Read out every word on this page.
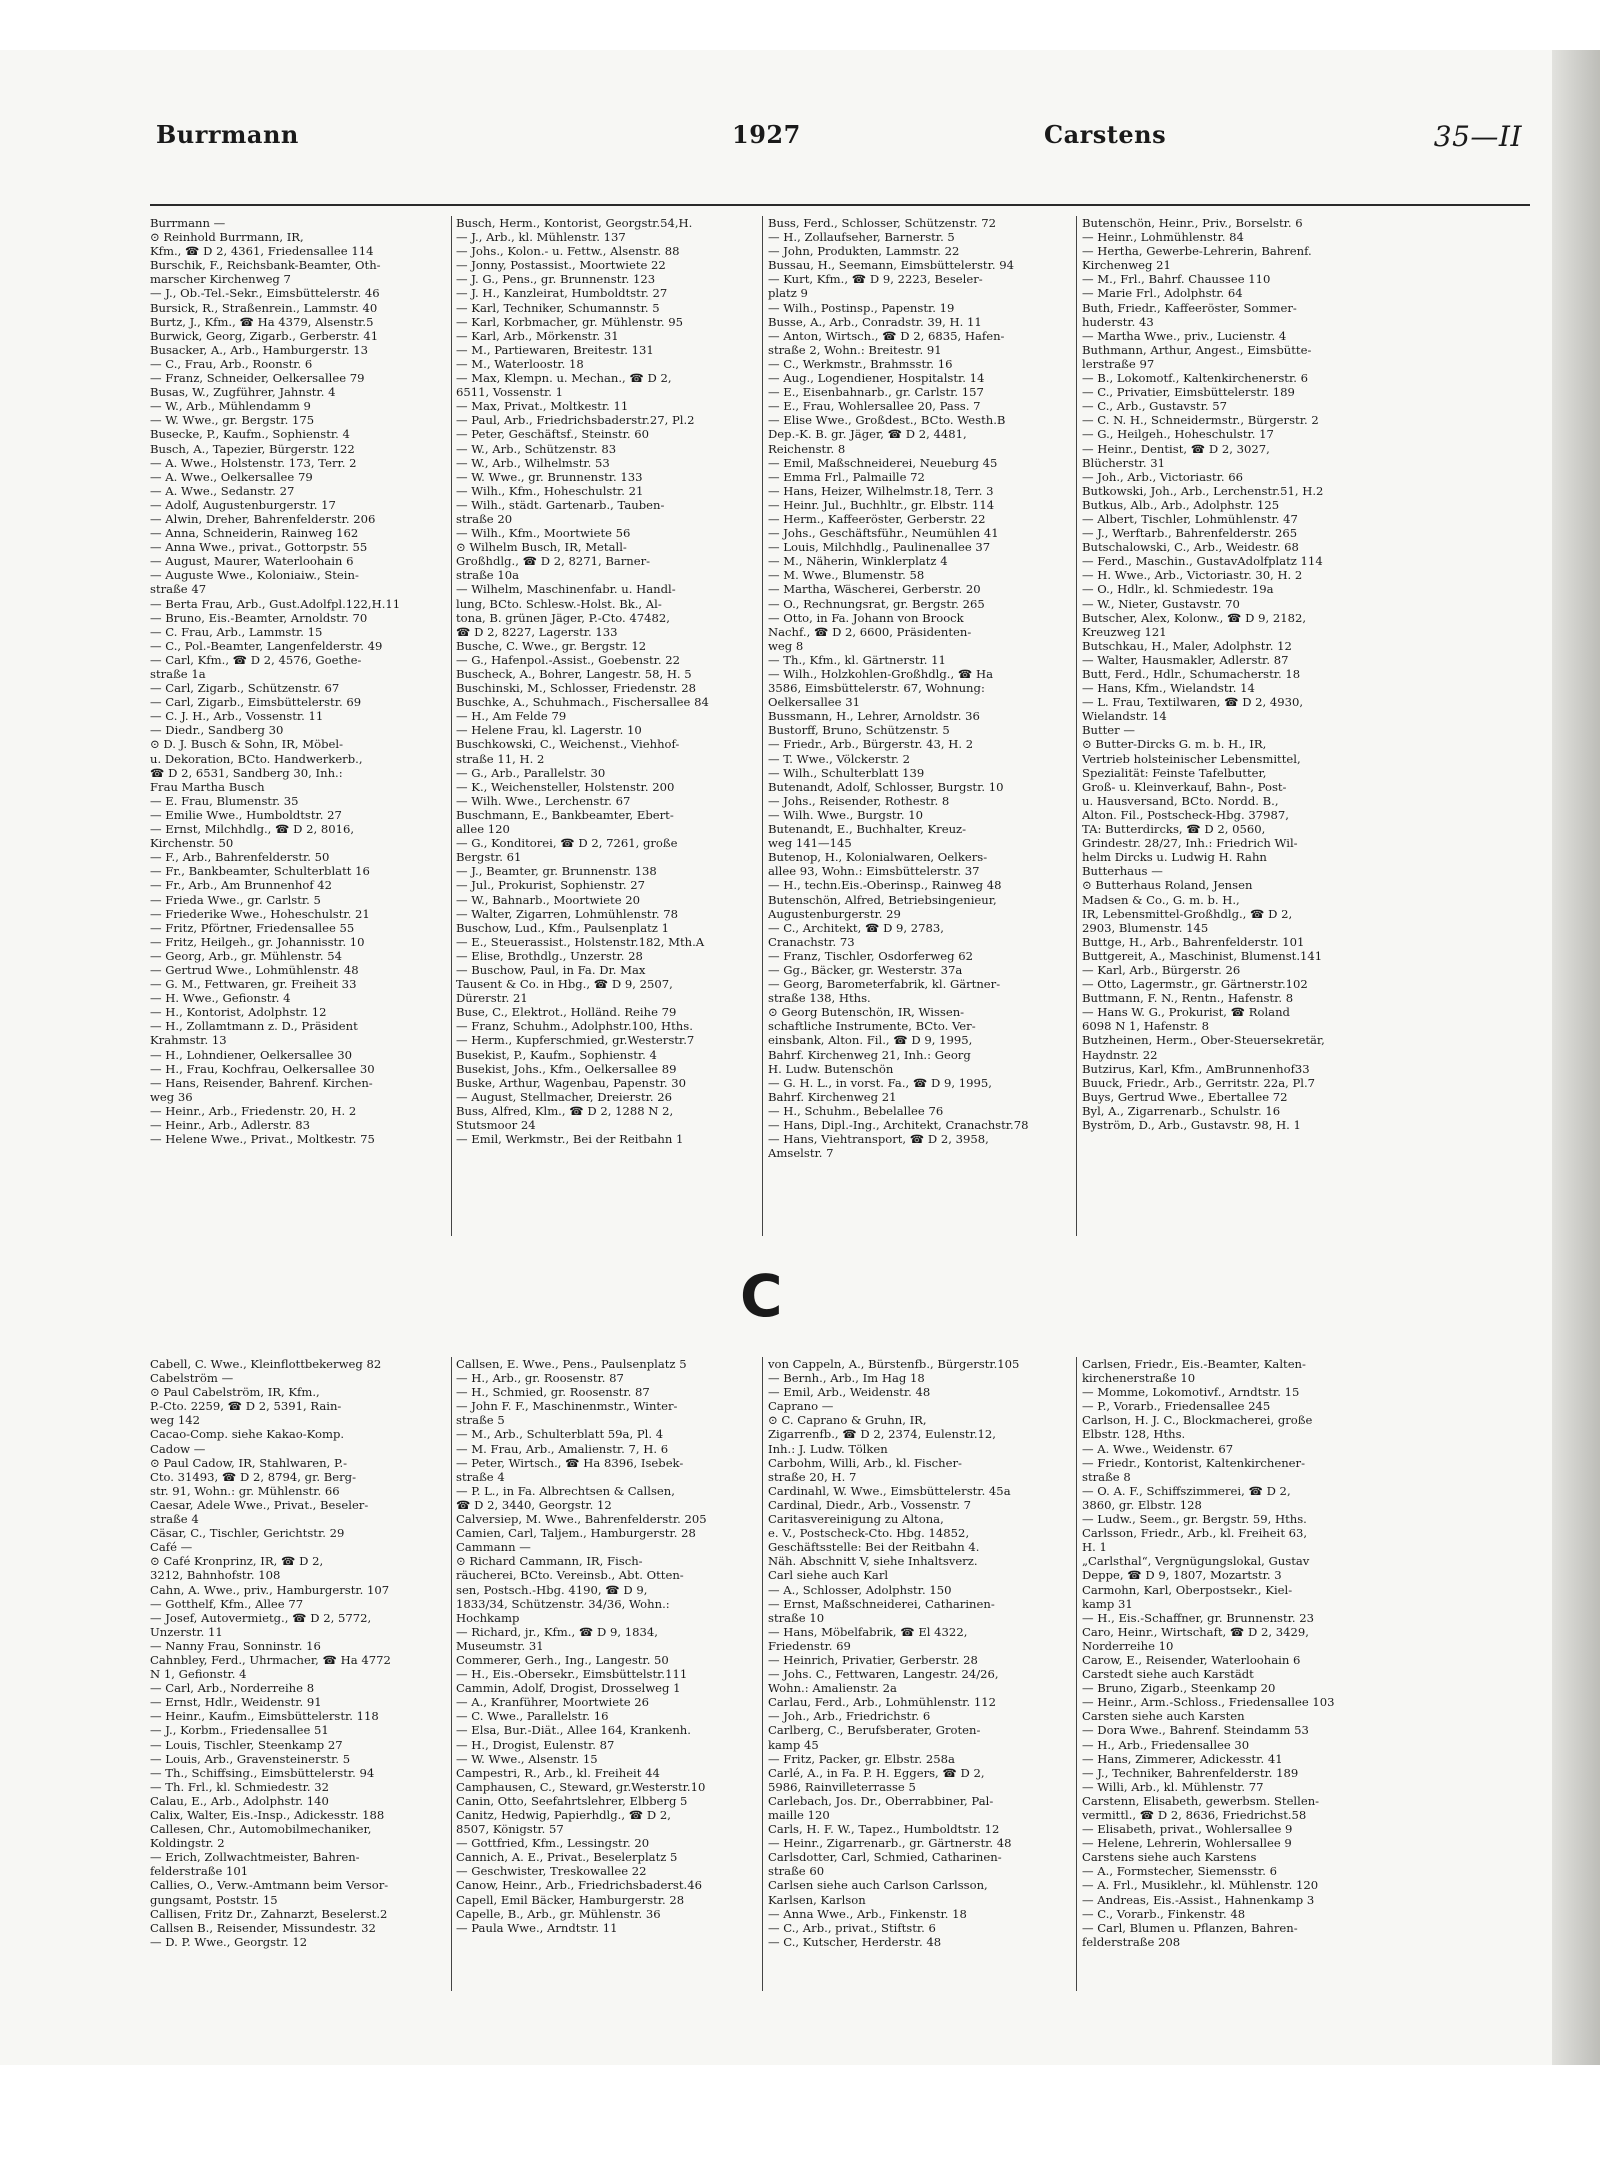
Burrmann	1927	Carstens	35—II
Burrmann —
⊙ Reinhold Burrmann, IR,
Kfm., ☎ D 2, 4361, Friedensallee 114
Burschik, F., Reichsbank-Beamter, Oth-
marscher Kirchenweg 7
— J., Ob.-Tel.-Sekr., Eimsbüttelerstr. 46
Bursick, R., Straßenrein., Lammstr. 40
Burtz, J., Kfm., ☎ Ha 4379, Alsenstr.5
Burwick, Georg, Zigarb., Gerberstr. 41
Busacker, A., Arb., Hamburgerstr. 13
— C., Frau, Arb., Roonstr. 6
— Franz, Schneider, Oelkersallee 79
Busas, W., Zugführer, Jahnstr. 4
— W., Arb., Mühlendamm 9
— W. Wwe., gr. Bergstr. 175
Busecke, P., Kaufm., Sophienstr. 4
Busch, A., Tapezier, Bürgerstr. 122
— A. Wwe., Holstenstr. 173, Terr. 2
— A. Wwe., Oelkersallee 79
— A. Wwe., Sedanstr. 27
— Adolf, Augustenburgerstr. 17
— Alwin, Dreher, Bahrenfelderstr. 206
— Anna, Schneiderin, Rainweg 162
— Anna Wwe., privat., Gottorpstr. 55
— August, Maurer, Waterloohain 6
— Auguste Wwe., Koloniaiw., Stein-
straße 47
— Berta Frau, Arb., Gust.Adolfpl.122,H.11
— Bruno, Eis.-Beamter, Arnoldstr. 70
— C. Frau, Arb., Lammstr. 15
— C., Pol.-Beamter, Langenfelderstr. 49
— Carl, Kfm., ☎ D 2, 4576, Goethe-
straße 1a
— Carl, Zigarb., Schützenstr. 67
— Carl, Zigarb., Eimsbüttelerstr. 69
— C. J. H., Arb., Vossenstr. 11
— Diedr., Sandberg 30
⊙ D. J. Busch & Sohn, IR, Möbel-
u. Dekoration, BCto. Handwerkerb.,
☎ D 2, 6531, Sandberg 30, Inh.:
Frau Martha Busch
— E. Frau, Blumenstr. 35
— Emilie Wwe., Humboldtstr. 27
— Ernst, Milchhdlg., ☎ D 2, 8016,
Kirchenstr. 50
— F., Arb., Bahrenfelderstr. 50
— Fr., Bankbeamter, Schulterblatt 16
— Fr., Arb., Am Brunnenhof 42
— Frieda Wwe., gr. Carlstr. 5
— Friederike Wwe., Hoheschulstr. 21
— Fritz, Pförtner, Friedensallee 55
— Fritz, Heilgeh., gr. Johannisstr. 10
— Georg, Arb., gr. Mühlenstr. 54
— Gertrud Wwe., Lohmühlenstr. 48
— G. M., Fettwaren, gr. Freiheit 33
— H. Wwe., Gefionstr. 4
— H., Kontorist, Adolphstr. 12
— H., Zollamtmann z. D., Präsident
Krahmstr. 13
— H., Lohndiener, Oelkersallee 30
— H., Frau, Kochfrau, Oelkersallee 30
— Hans, Reisender, Bahrenf. Kirchen-
weg 36
— Heinr., Arb., Friedenstr. 20, H. 2
— Heinr., Arb., Adlerstr. 83
— Helene Wwe., Privat., Moltkestr. 75
Busch, Herm., Kontorist, Georgstr.54,H.
— J., Arb., kl. Mühlenstr. 137
— Johs., Kolon.- u. Fettw., Alsenstr. 88
— Jonny, Postassist., Moortwiete 22
— J. G., Pens., gr. Brunnenstr. 123
— J. H., Kanzleirat, Humboldtstr. 27
— Karl, Techniker, Schumannstr. 5
— Karl, Korbmacher, gr. Mühlenstr. 95
— Karl, Arb., Mörkenstr. 31
— M., Partiewaren, Breitestr. 131
— M., Waterloostr. 18
— Max, Klempn. u. Mechan., ☎ D 2,
6511, Vossenstr. 1
— Max, Privat., Moltkestr. 11
— Paul, Arb., Friedrichsbaderstr.27, Pl.2
— Peter, Geschäftsf., Steinstr. 60
— W., Arb., Schützenstr. 83
— W., Arb., Wilhelmstr. 53
— W. Wwe., gr. Brunnenstr. 133
— Wilh., Kfm., Hoheschulstr. 21
— Wilh., städt. Gartenarb., Tauben-
straße 20
— Wilh., Kfm., Moortwiete 56
⊙ Wilhelm Busch, IR, Metall-
Großhdlg., ☎ D 2, 8271, Barner-
straße 10a
— Wilhelm, Maschinenfabr. u. Handl-
lung, BCto. Schlesw.-Holst. Bk., Al-
tona, B. grünen Jäger, P.-Cto. 47482,
☎ D 2, 8227, Lagerstr. 133
Busche, C. Wwe., gr. Bergstr. 12
— G., Hafenpol.-Assist., Goebenstr. 22
Buscheck, A., Bohrer, Langestr. 58, H. 5
Buschinski, M., Schlosser, Friedenstr. 28
Buschke, A., Schuhmach., Fischersallee 84
— H., Am Felde 79
— Helene Frau, kl. Lagerstr. 10
Buschkowski, C., Weichenst., Viehhof-
straße 11, H. 2
— G., Arb., Parallelstr. 30
— K., Weichensteller, Holstenstr. 200
— Wilh. Wwe., Lerchenstr. 67
Buschmann, E., Bankbeamter, Ebert-
allee 120
— G., Konditorei, ☎ D 2, 7261, große
Bergstr. 61
— J., Beamter, gr. Brunnenstr. 138
— Jul., Prokurist, Sophienstr. 27
— W., Bahnarb., Moortwiete 20
— Walter, Zigarren, Lohmühlenstr. 78
Buschow, Lud., Kfm., Paulsenplatz 1
— E., Steuerassist., Holstenstr.182, Mth.A
— Elise, Brothdlg., Unzerstr. 28
— Buschow, Paul, in Fa. Dr. Max
Tausent & Co. in Hbg., ☎ D 9, 2507,
Dürerstr. 21
Buse, C., Elektrot., Holländ. Reihe 79
— Franz, Schuhm., Adolphstr.100, Hths.
— Herm., Kupferschmied, gr.Westerstr.7
Busekist, P., Kaufm., Sophienstr. 4
Busekist, Johs., Kfm., Oelkersallee 89
Buske, Arthur, Wagenbau, Papenstr. 30
— August, Stellmacher, Dreierstr. 26
Buss, Alfred, Klm., ☎ D 2, 1288 N 2,
Stutsmoor 24
— Emil, Werkmstr., Bei der Reitbahn 1
Buss, Ferd., Schlosser, Schützenstr. 72
— H., Zollaufseher, Barnerstr. 5
— John, Produkten, Lammstr. 22
Bussau, H., Seemann, Eimsbüttelerstr. 94
— Kurt, Kfm., ☎ D 9, 2223, Beseler-
platz 9
— Wilh., Postinsp., Papenstr. 19
Busse, A., Arb., Conradstr. 39, H. 11
— Anton, Wirtsch., ☎ D 2, 6835, Hafen-
straße 2, Wohn.: Breitestr. 91
— C., Werkmstr., Brahmsstr. 16
— Aug., Logendiener, Hospitalstr. 14
— E., Eisenbahnarb., gr. Carlstr. 157
— E., Frau, Wohlersallee 20, Pass. 7
— Elise Wwe., Großdest., BCto. Westh.B
Dep.-K. B. gr. Jäger, ☎ D 2, 4481,
Reichenstr. 8
— Emil, Maßschneiderei, Neueburg 45
— Emma Frl., Palmaille 72
— Hans, Heizer, Wilhelmstr.18, Terr. 3
— Heinr. Jul., Buchhltr., gr. Elbstr. 114
— Herm., Kaffeeröster, Gerberstr. 22
— Johs., Geschäftsführ., Neumühlen 41
— Louis, Milchhdlg., Paulinenallee 37
— M., Näherin, Winklerplatz 4
— M. Wwe., Blumenstr. 58
— Martha, Wäscherei, Gerberstr. 20
— O., Rechnungsrat, gr. Bergstr. 265
— Otto, in Fa. Johann von Broock
Nachf., ☎ D 2, 6600, Präsidenten-
weg 8
— Th., Kfm., kl. Gärtnerstr. 11
— Wilh., Holzkohlen-Großhdlg., ☎ Ha
3586, Eimsbüttelerstr. 67, Wohnung:
Oelkersallee 31
Bussmann, H., Lehrer, Arnoldstr. 36
Bustorff, Bruno, Schützenstr. 5
— Friedr., Arb., Bürgerstr. 43, H. 2
— T. Wwe., Völckerstr. 2
— Wilh., Schulterblatt 139
Butenandt, Adolf, Schlosser, Burgstr. 10
— Johs., Reisender, Rothestr. 8
— Wilh. Wwe., Burgstr. 10
Butenandt, E., Buchhalter, Kreuz-
weg 141—145
Butenop, H., Kolonialwaren, Oelkers-
allee 93, Wohn.: Eimsbüttelerstr. 37
— H., techn.Eis.-Oberinsp., Rainweg 48
Butenschön, Alfred, Betriebsingenieur,
Augustenburgerstr. 29
— C., Architekt, ☎ D 9, 2783,
Cranachstr. 73
— Franz, Tischler, Osdorferweg 62
— Gg., Bäcker, gr. Westerstr. 37a
— Georg, Barometerfabrik, kl. Gärtner-
straße 138, Hths.
⊙ Georg Butenschön, IR, Wissen-
schaftliche Instrumente, BCto. Ver-
einsbank, Alton. Fil., ☎ D 9, 1995,
Bahrf. Kirchenweg 21, Inh.: Georg
H. Ludw. Butenschön
— G. H. L., in vorst. Fa., ☎ D 9, 1995,
Bahrf. Kirchenweg 21
— H., Schuhm., Bebelallee 76
— Hans, Dipl.-Ing., Architekt, Cranachstr.78
— Hans, Viehtransport, ☎ D 2, 3958,
Amselstr. 7
Butenschön, Heinr., Priv., Borselstr. 6
— Heinr., Lohmühlenstr. 84
— Hertha, Gewerbe-Lehrerin, Bahrenf.
Kirchenweg 21
— M., Frl., Bahrf. Chaussee 110
— Marie Frl., Adolphstr. 64
Buth, Friedr., Kaffeeröster, Sommer-
huderstr. 43
— Martha Wwe., priv., Lucienstr. 4
Buthmann, Arthur, Angest., Eimsbütte-
lerstraße 97
— B., Lokomotf., Kaltenkirchenerstr. 6
— C., Privatier, Eimsbüttelerstr. 189
— C., Arb., Gustavstr. 57
— C. N. H., Schneidermstr., Bürgerstr. 2
— G., Heilgeh., Hoheschulstr. 17
— Heinr., Dentist, ☎ D 2, 3027,
Blücherstr. 31
— Joh., Arb., Victoriastr. 66
Butkowski, Joh., Arb., Lerchenstr.51, H.2
Butkus, Alb., Arb., Adolphstr. 125
— Albert, Tischler, Lohmühlenstr. 47
— J., Werftarb., Bahrenfelderstr. 265
Butschalowski, C., Arb., Weidestr. 68
— Ferd., Maschin., GustavAdolfplatz 114
— H. Wwe., Arb., Victoriastr. 30, H. 2
— O., Hdlr., kl. Schmiedestr. 19a
— W., Nieter, Gustavstr. 70
Butscher, Alex, Kolonw., ☎ D 9, 2182,
Kreuzweg 121
Butschkau, H., Maler, Adolphstr. 12
— Walter, Hausmakler, Adlerstr. 87
Butt, Ferd., Hdlr., Schumacherstr. 18
— Hans, Kfm., Wielandstr. 14
— L. Frau, Textilwaren, ☎ D 2, 4930,
Wielandstr. 14
Butter —
⊙ Butter-Dircks G. m. b. H., IR,
Vertrieb holsteinischer Lebensmittel,
Spezialität: Feinste Tafelbutter,
Groß- u. Kleinverkauf, Bahn-, Post-
u. Hausversand, BCto. Nordd. B.,
Alton. Fil., Postscheck-Hbg. 37987,
TA: Butterdircks, ☎ D 2, 0560,
Grindestr. 28/27, Inh.: Friedrich Wil-
helm Dircks u. Ludwig H. Rahn
Butterhaus —
⊙ Butterhaus Roland, Jensen
Madsen & Co., G. m. b. H.,
IR, Lebensmittel-Großhdlg., ☎ D 2,
2903, Blumenstr. 145
Buttge, H., Arb., Bahrenfelderstr. 101
Buttgereit, A., Maschinist, Blumenst.141
— Karl, Arb., Bürgerstr. 26
— Otto, Lagermstr., gr. Gärtnerstr.102
Buttmann, F. N., Rentn., Hafenstr. 8
— Hans W. G., Prokurist, ☎ Roland
6098 N 1, Hafenstr. 8
Butzheinen, Herm., Ober-Steuersekretär,
Haydnstr. 22
Butzirus, Karl, Kfm., AmBrunnenhof33
Buuck, Friedr., Arb., Gerritstr. 22a, Pl.7
Buys, Gertrud Wwe., Ebertallee 72
Byl, A., Zigarrenarb., Schulstr. 16
Byström, D., Arb., Gustavstr. 98, H. 1
C
Cabell, C. Wwe., Kleinflottbekerweg 82
Cabelström —
⊙ Paul Cabelström, IR, Kfm.,
P.-Cto. 2259, ☎ D 2, 5391, Rain-
weg 142
Cacao-Comp. siehe Kakao-Komp.
Cadow —
⊙ Paul Cadow, IR, Stahlwaren, P.-
Cto. 31493, ☎ D 2, 8794, gr. Berg-
str. 91, Wohn.: gr. Mühlenstr. 66
Caesar, Adele Wwe., Privat., Beseler-
straße 4
Cäsar, C., Tischler, Gerichtstr. 29
Café —
⊙ Café Kronprinz, IR, ☎ D 2,
3212, Bahnhofstr. 108
Cahn, A. Wwe., priv., Hamburgerstr. 107
— Gotthelf, Kfm., Allee 77
— Josef, Autovermietg., ☎ D 2, 5772,
Unzerstr. 11
— Nanny Frau, Sonninstr. 16
Cahnbley, Ferd., Uhrmacher, ☎ Ha 4772
N 1, Gefionstr. 4
— Carl, Arb., Norderreihe 8
— Ernst, Hdlr., Weidenstr. 91
— Heinr., Kaufm., Eimsbüttelerstr. 118
— J., Korbm., Friedensallee 51
— Louis, Tischler, Steenkamp 27
— Louis, Arb., Gravensteinerstr. 5
— Th., Schiffsing., Eimsbüttelerstr. 94
— Th. Frl., kl. Schmiedestr. 32
Calau, E., Arb., Adolphstr. 140
Calix, Walter, Eis.-Insp., Adickesstr. 188
Callesen, Chr., Automobilmechaniker,
Koldingstr. 2
— Erich, Zollwachtmeister, Bahren-
felderstraße 101
Callies, O., Verw.-Amtmann beim Versor-
gungsamt, Poststr. 15
Callisen, Fritz Dr., Zahnarzt, Beselerst.2
Callsen B., Reisender, Missundestr. 32
— D. P. Wwe., Georgstr. 12
Callsen, E. Wwe., Pens., Paulsenplatz 5
— H., Arb., gr. Roosenstr. 87
— H., Schmied, gr. Roosenstr. 87
— John F. F., Maschinenmstr., Winter-
straße 5
— M., Arb., Schulterblatt 59a, Pl. 4
— M. Frau, Arb., Amalienstr. 7, H. 6
— Peter, Wirtsch., ☎ Ha 8396, Isebek-
straße 4
— P. L., in Fa. Albrechtsen & Callsen,
☎ D 2, 3440, Georgstr. 12
Calversiep, M. Wwe., Bahrenfelderstr. 205
Camien, Carl, Taljem., Hamburgerstr. 28
Cammann —
⊙ Richard Cammann, IR, Fisch-
räucherei, BCto. Vereinsb., Abt. Otten-
sen, Postsch.-Hbg. 4190, ☎ D 9,
1833/34, Schützenstr. 34/36, Wohn.:
Hochkamp
— Richard, jr., Kfm., ☎ D 9, 1834,
Museumstr. 31
Commerer, Gerh., Ing., Langestr. 50
— H., Eis.-Obersekr., Eimsbüttelstr.111
Cammin, Adolf, Drogist, Drosselweg 1
— A., Kranführer, Moortwiete 26
— C. Wwe., Parallelstr. 16
— Elsa, Bur.-Diät., Allee 164, Krankenh.
— H., Drogist, Eulenstr. 87
— W. Wwe., Alsenstr. 15
Campestri, R., Arb., kl. Freiheit 44
Camphausen, C., Steward, gr.Westerstr.10
Canin, Otto, Seefahrtslehrer, Elbberg 5
Canitz, Hedwig, Papierhdlg., ☎ D 2,
8507, Königstr. 57
— Gottfried, Kfm., Lessingstr. 20
Cannich, A. E., Privat., Beselerplatz 5
— Geschwister, Treskowallee 22
Canow, Heinr., Arb., Friedrichsbaderst.46
Capell, Emil Bäcker, Hamburgerstr. 28
Capelle, B., Arb., gr. Mühlenstr. 36
— Paula Wwe., Arndtstr. 11
von Cappeln, A., Bürstenfb., Bürgerstr.105
— Bernh., Arb., Im Hag 18
— Emil, Arb., Weidenstr. 48
Caprano —
⊙ C. Caprano & Gruhn, IR,
Zigarrenfb., ☎ D 2, 2374, Eulenstr.12,
Inh.: J. Ludw. Tölken
Carbohm, Willi, Arb., kl. Fischer-
straße 20, H. 7
Cardinahl, W. Wwe., Eimsbüttelerstr. 45a
Cardinal, Diedr., Arb., Vossenstr. 7
Caritasvereinigung zu Altona,
e. V., Postscheck-Cto. Hbg. 14852,
Geschäftsstelle: Bei der Reitbahn 4.
Näh. Abschnitt V, siehe Inhaltsverz.
Carl siehe auch Karl
— A., Schlosser, Adolphstr. 150
— Ernst, Maßschneiderei, Catharinen-
straße 10
— Hans, Möbelfabrik, ☎ El 4322,
Friedenstr. 69
— Heinrich, Privatier, Gerberstr. 28
— Johs. C., Fettwaren, Langestr. 24/26,
Wohn.: Amalienstr. 2a
Carlau, Ferd., Arb., Lohmühlenstr. 112
— Joh., Arb., Friedrichstr. 6
Carlberg, C., Berufsberater, Groten-
kamp 45
— Fritz, Packer, gr. Elbstr. 258a
Carlé, A., in Fa. P. H. Eggers, ☎ D 2,
5986, Rainvilleterrasse 5
Carlebach, Jos. Dr., Oberrabbiner, Pal-
maille 120
Carls, H. F. W., Tapez., Humboldtstr. 12
— Heinr., Zigarrenarb., gr. Gärtnerstr. 48
Carlsdotter, Carl, Schmied, Catharinen-
straße 60
Carlsen siehe auch Carlson Carlsson,
Karlsen, Karlson
— Anna Wwe., Arb., Finkenstr. 18
— C., Arb., privat., Stiftstr. 6
— C., Kutscher, Herderstr. 48
Carlsen, Friedr., Eis.-Beamter, Kalten-
kirchenerstraße 10
— Momme, Lokomotivf., Arndtstr. 15
— P., Vorarb., Friedensallee 245
Carlson, H. J. C., Blockmacherei, große
Elbstr. 128, Hths.
— A. Wwe., Weidenstr. 67
— Friedr., Kontorist, Kaltenkirchener-
straße 8
— O. A. F., Schiffszimmerei, ☎ D 2,
3860, gr. Elbstr. 128
— Ludw., Seem., gr. Bergstr. 59, Hths.
Carlsson, Friedr., Arb., kl. Freiheit 63,
H. 1
„Carlsthal“, Vergnügungslokal, Gustav
Deppe, ☎ D 9, 1807, Mozartstr. 3
Carmohn, Karl, Oberpostsekr., Kiel-
kamp 31
— H., Eis.-Schaffner, gr. Brunnenstr. 23
Caro, Heinr., Wirtschaft, ☎ D 2, 3429,
Norderreihe 10
Carow, E., Reisender, Waterloohain 6
Carstedt siehe auch Karstädt
— Bruno, Zigarb., Steenkamp 20
— Heinr., Arm.-Schloss., Friedensallee 103
Carsten siehe auch Karsten
— Dora Wwe., Bahrenf. Steindamm 53
— H., Arb., Friedensallee 30
— Hans, Zimmerer, Adickesstr. 41
— J., Techniker, Bahrenfelderstr. 189
— Willi, Arb., kl. Mühlenstr. 77
Carstenn, Elisabeth, gewerbsm. Stellen-
vermittl., ☎ D 2, 8636, Friedrichst.58
— Elisabeth, privat., Wohlersallee 9
— Helene, Lehrerin, Wohlersallee 9
Carstens siehe auch Karstens
— A., Formstecher, Siemensstr. 6
— A. Frl., Musiklehr., kl. Mühlenstr. 120
— Andreas, Eis.-Assist., Hahnenkamp 3
— C., Vorarb., Finkenstr. 48
— Carl, Blumen u. Pflanzen, Bahren-
felderstraße 208
